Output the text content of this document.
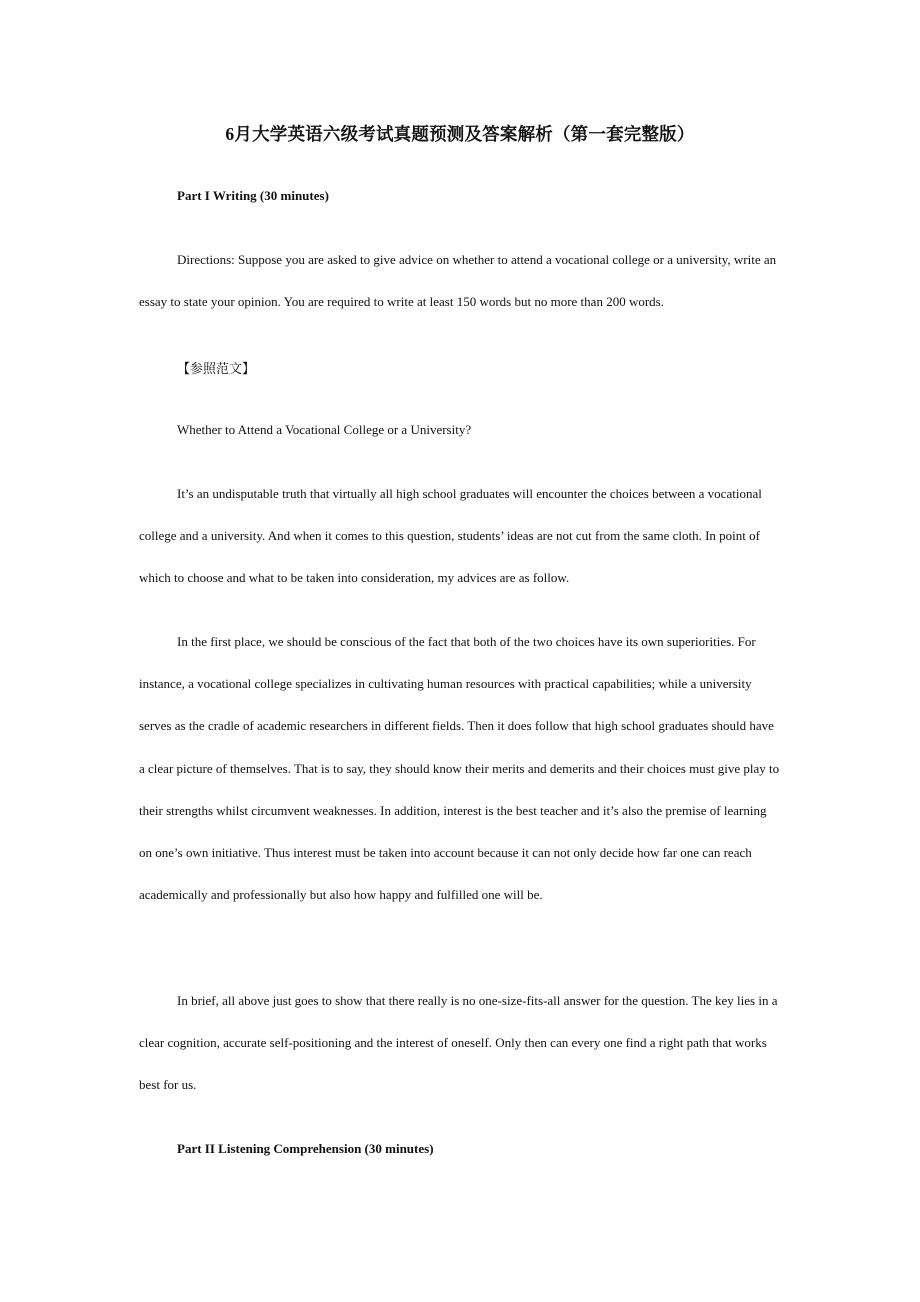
6月大学英语六级考试真题预测及答案解析（第一套完整版）
Part I Writing (30 minutes)

Directions: Suppose you are asked to give advice on whether to attend a vocational college or a university, write an essay to state your opinion. You are required to write at least 150 words but no more than 200 words.

【参照范文】
Whether to Attend a Vocational College or a University?

It’s an undisputable truth that virtually all high school graduates will encounter the choices between a vocational college and a university. And when it comes to this question, students’ ideas are not cut from the same cloth. In point of which to choose and what to be taken into consideration, my advices are as follow.

In the first place, we should be conscious of the fact that both of the two choices have its own superiorities. For instance, a vocational college specializes in cultivating human resources with practical capabilities; while a university serves as the cradle of academic researchers in different fields. Then it does follow that high school graduates should have a clear picture of themselves. That is to say, they should know their merits and demerits and their choices must give play to their strengths whilst circumvent weaknesses. In addition, interest is the best teacher and it’s also the premise of learning on one’s own initiative. Thus interest must be taken into account because it can not only decide how far one can reach academically and professionally but also how happy and fulfilled one will be.

In brief, all above just goes to show that there really is no one-size-fits-all answer for the question. The key lies in a clear cognition, accurate self-positioning and the interest of oneself. Only then can every one find a right path that works best for us.

Part II Listening Comprehension (30 minutes)
